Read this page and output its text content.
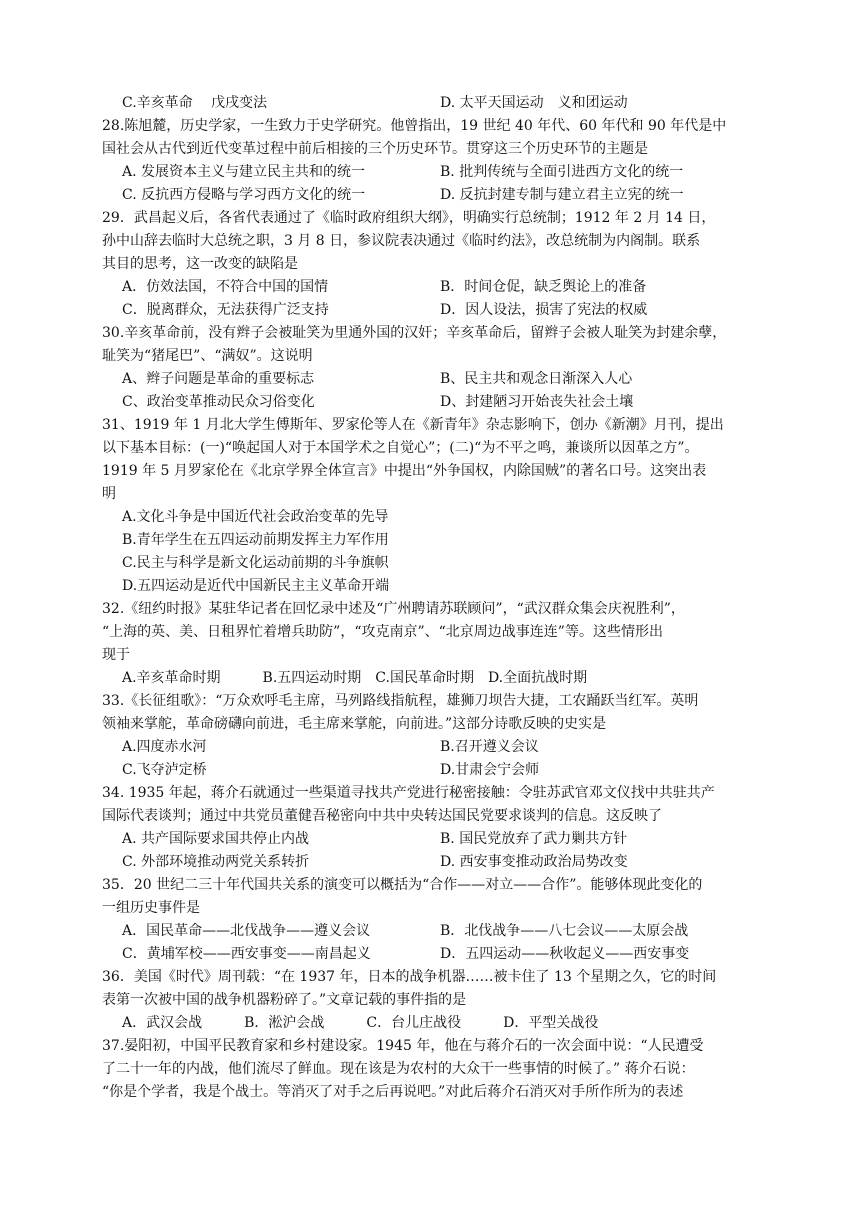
C.辛亥革命　 戊戌变法	D. 太平天国运动　义和团运动
28.陈旭麓，历史学家，一生致力于史学研究。他曾指出，19 世纪 40 年代、60 年代和 90 年代是中
国社会从古代到近代变革过程中前后相接的三个历史环节。贯穿这三个历史环节的主题是
A. 发展资本主义与建立民主共和的统一	B. 批判传统与全面引进西方文化的统一
C. 反抗西方侵略与学习西方文化的统一	D. 反抗封建专制与建立君主立宪的统一
29．武昌起义后，各省代表通过了《临时政府组织大纲》，明确实行总统制；1912 年 2 月 14 日，
孙中山辞去临时大总统之职，3 月 8 日，参议院表决通过《临时约法》，改总统制为内阁制。联系
其目的思考，这一改变的缺陷是
A．仿效法国，不符合中国的国情	B．时间仓促，缺乏舆论上的准备
C．脱离群众，无法获得广泛支持	D．因人设法，损害了宪法的权威
30.辛亥革命前，没有辫子会被耻笑为里通外国的汉奸；辛亥革命后，留辫子会被人耻笑为封建余孽，
耻笑为“猪尾巴”、“满奴”。这说明
A、辫子问题是革命的重要标志	B、民主共和观念日渐深入人心
C、政治变革推动民众习俗变化	D、封建陋习开始丧失社会土壤
31、1919 年 1 月北大学生傅斯年、罗家伦等人在《新青年》杂志影响下，创办《新潮》月刊，提出
以下基本目标：(一)“唤起国人对于本国学术之自觉心”；(二)“为不平之鸣，兼谈所以因革之方”。
1919 年 5 月罗家伦在《北京学界全体宣言》中提出“外争国权，内除国贼”的著名口号。这突出表
明
A.文化斗争是中国近代社会政治变革的先导
B.青年学生在五四运动前期发挥主力军作用
C.民主与科学是新文化运动前期的斗争旗帜
D.五四运动是近代中国新民主主义革命开端
32.《纽约时报》某驻华记者在回忆录中述及“广州聘请苏联顾问”，“武汉群众集会庆祝胜利”，
“上海的英、美、日租界忙着增兵助防”，“攻克南京”、“北京周边战事连连”等。这些情形出
现于
A.辛亥革命时期　　　B.五四运动时期　C.国民革命时期　D.全面抗战时期
33.《长征组歌》：“万众欢呼毛主席，马列路线指航程，雄狮刀坝告大捷，工农踊跃当红军。英明
领袖来掌舵，革命磅礴向前进，毛主席来掌舵，向前进。”这部分诗歌反映的史实是
A.四度赤水河	B.召开遵义会议
C.飞夺泸定桥	D.甘肃会宁会师
34. 1935 年起，蒋介石就通过一些渠道寻找共产党进行秘密接触：令驻苏武官邓文仪找中共驻共产
国际代表谈判；通过中共党员董健吾秘密向中共中央转达国民党要求谈判的信息。这反映了
A. 共产国际要求国共停止内战	B. 国民党放弃了武力剿共方针
C. 外部环境推动两党关系转折	D. 西安事变推动政治局势改变
35．20 世纪二三十年代国共关系的演变可以概括为“合作——对立——合作”。能够体现此变化的
一组历史事件是
A．国民革命——北伐战争——遵义会议	B．北伐战争——八七会议——太原会战
C．黄埔军校——西安事变——南昌起义	D．五四运动——秋收起义——西安事变
36．美国《时代》周刊载：“在 1937 年，日本的战争机器……被卡住了 13 个星期之久，它的时间
表第一次被中国的战争机器粉碎了。”文章记载的事件指的是
A．武汉会战　　　B．淞沪会战　　　C．台儿庄战役　　　D．平型关战役
37.晏阳初，中国平民教育家和乡村建设家。1945 年，他在与蒋介石的一次会面中说：“人民遭受
了二十一年的内战，他们流尽了鲜血。现在该是为农村的大众干一些事情的时候了。” 蒋介石说：
“你是个学者，我是个战士。等消灭了对手之后再说吧。”对此后蒋介石消灭对手所作所为的表述
